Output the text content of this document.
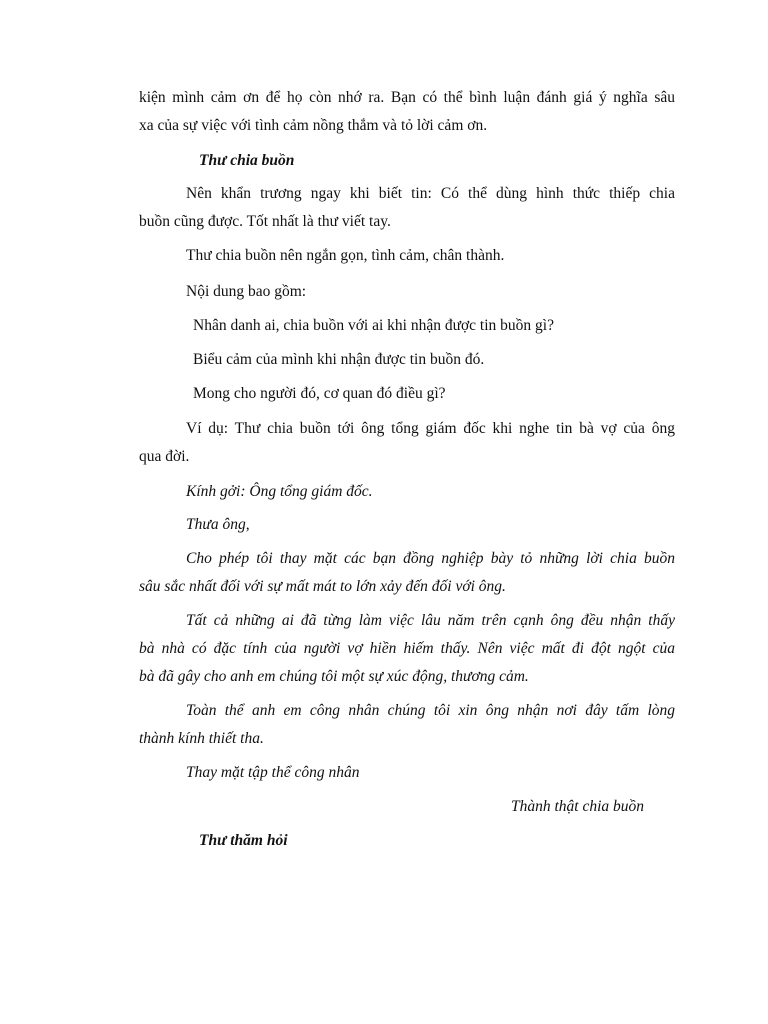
kiện mình cảm ơn để họ còn nhớ ra. Bạn có thể bình luận đánh giá ý nghĩa sâu
xa của sự việc với tình cảm nồng thắm và tỏ lời cảm ơn.
Thư chia buồn
Nên khẩn trương ngay khi biết tin: Có thể dùng hình thức thiếp chia
buồn cũng được. Tốt nhất là thư viết tay.
Thư chia buồn nên ngắn gọn, tình cảm, chân thành.
Nội dung bao gồm:
Nhân danh ai, chia buồn với ai khi nhận được tin buồn gì?
Biểu cảm của mình khi nhận được tin buồn đó.
Mong cho người đó, cơ quan đó điều gì?
Ví dụ: Thư chia buồn tới ông tổng giám đốc khi nghe tin bà vợ của ông
qua đời.
Kính gởi: Ông tổng giám đốc.
Thưa ông,
Cho phép tôi thay mặt các bạn đồng nghiệp bày tỏ những lời chia buồn
sâu sắc nhất đối với sự mất mát to lớn xảy đến đối với ông.
Tất cả những ai đã từng làm việc lâu năm trên cạnh ông đều nhận thấy
bà nhà có đặc tính của người vợ hiền hiếm thấy. Nên việc mất đi đột ngột của
bà đã gây cho anh em chúng tôi một sự xúc động, thương cảm.
Toàn thể anh em công nhân chúng tôi xin ông nhận nơi đây tấm lòng
thành kính thiết tha.
Thay mặt tập thể công nhân
Thành thật chia buồn
Thư thăm hỏi
